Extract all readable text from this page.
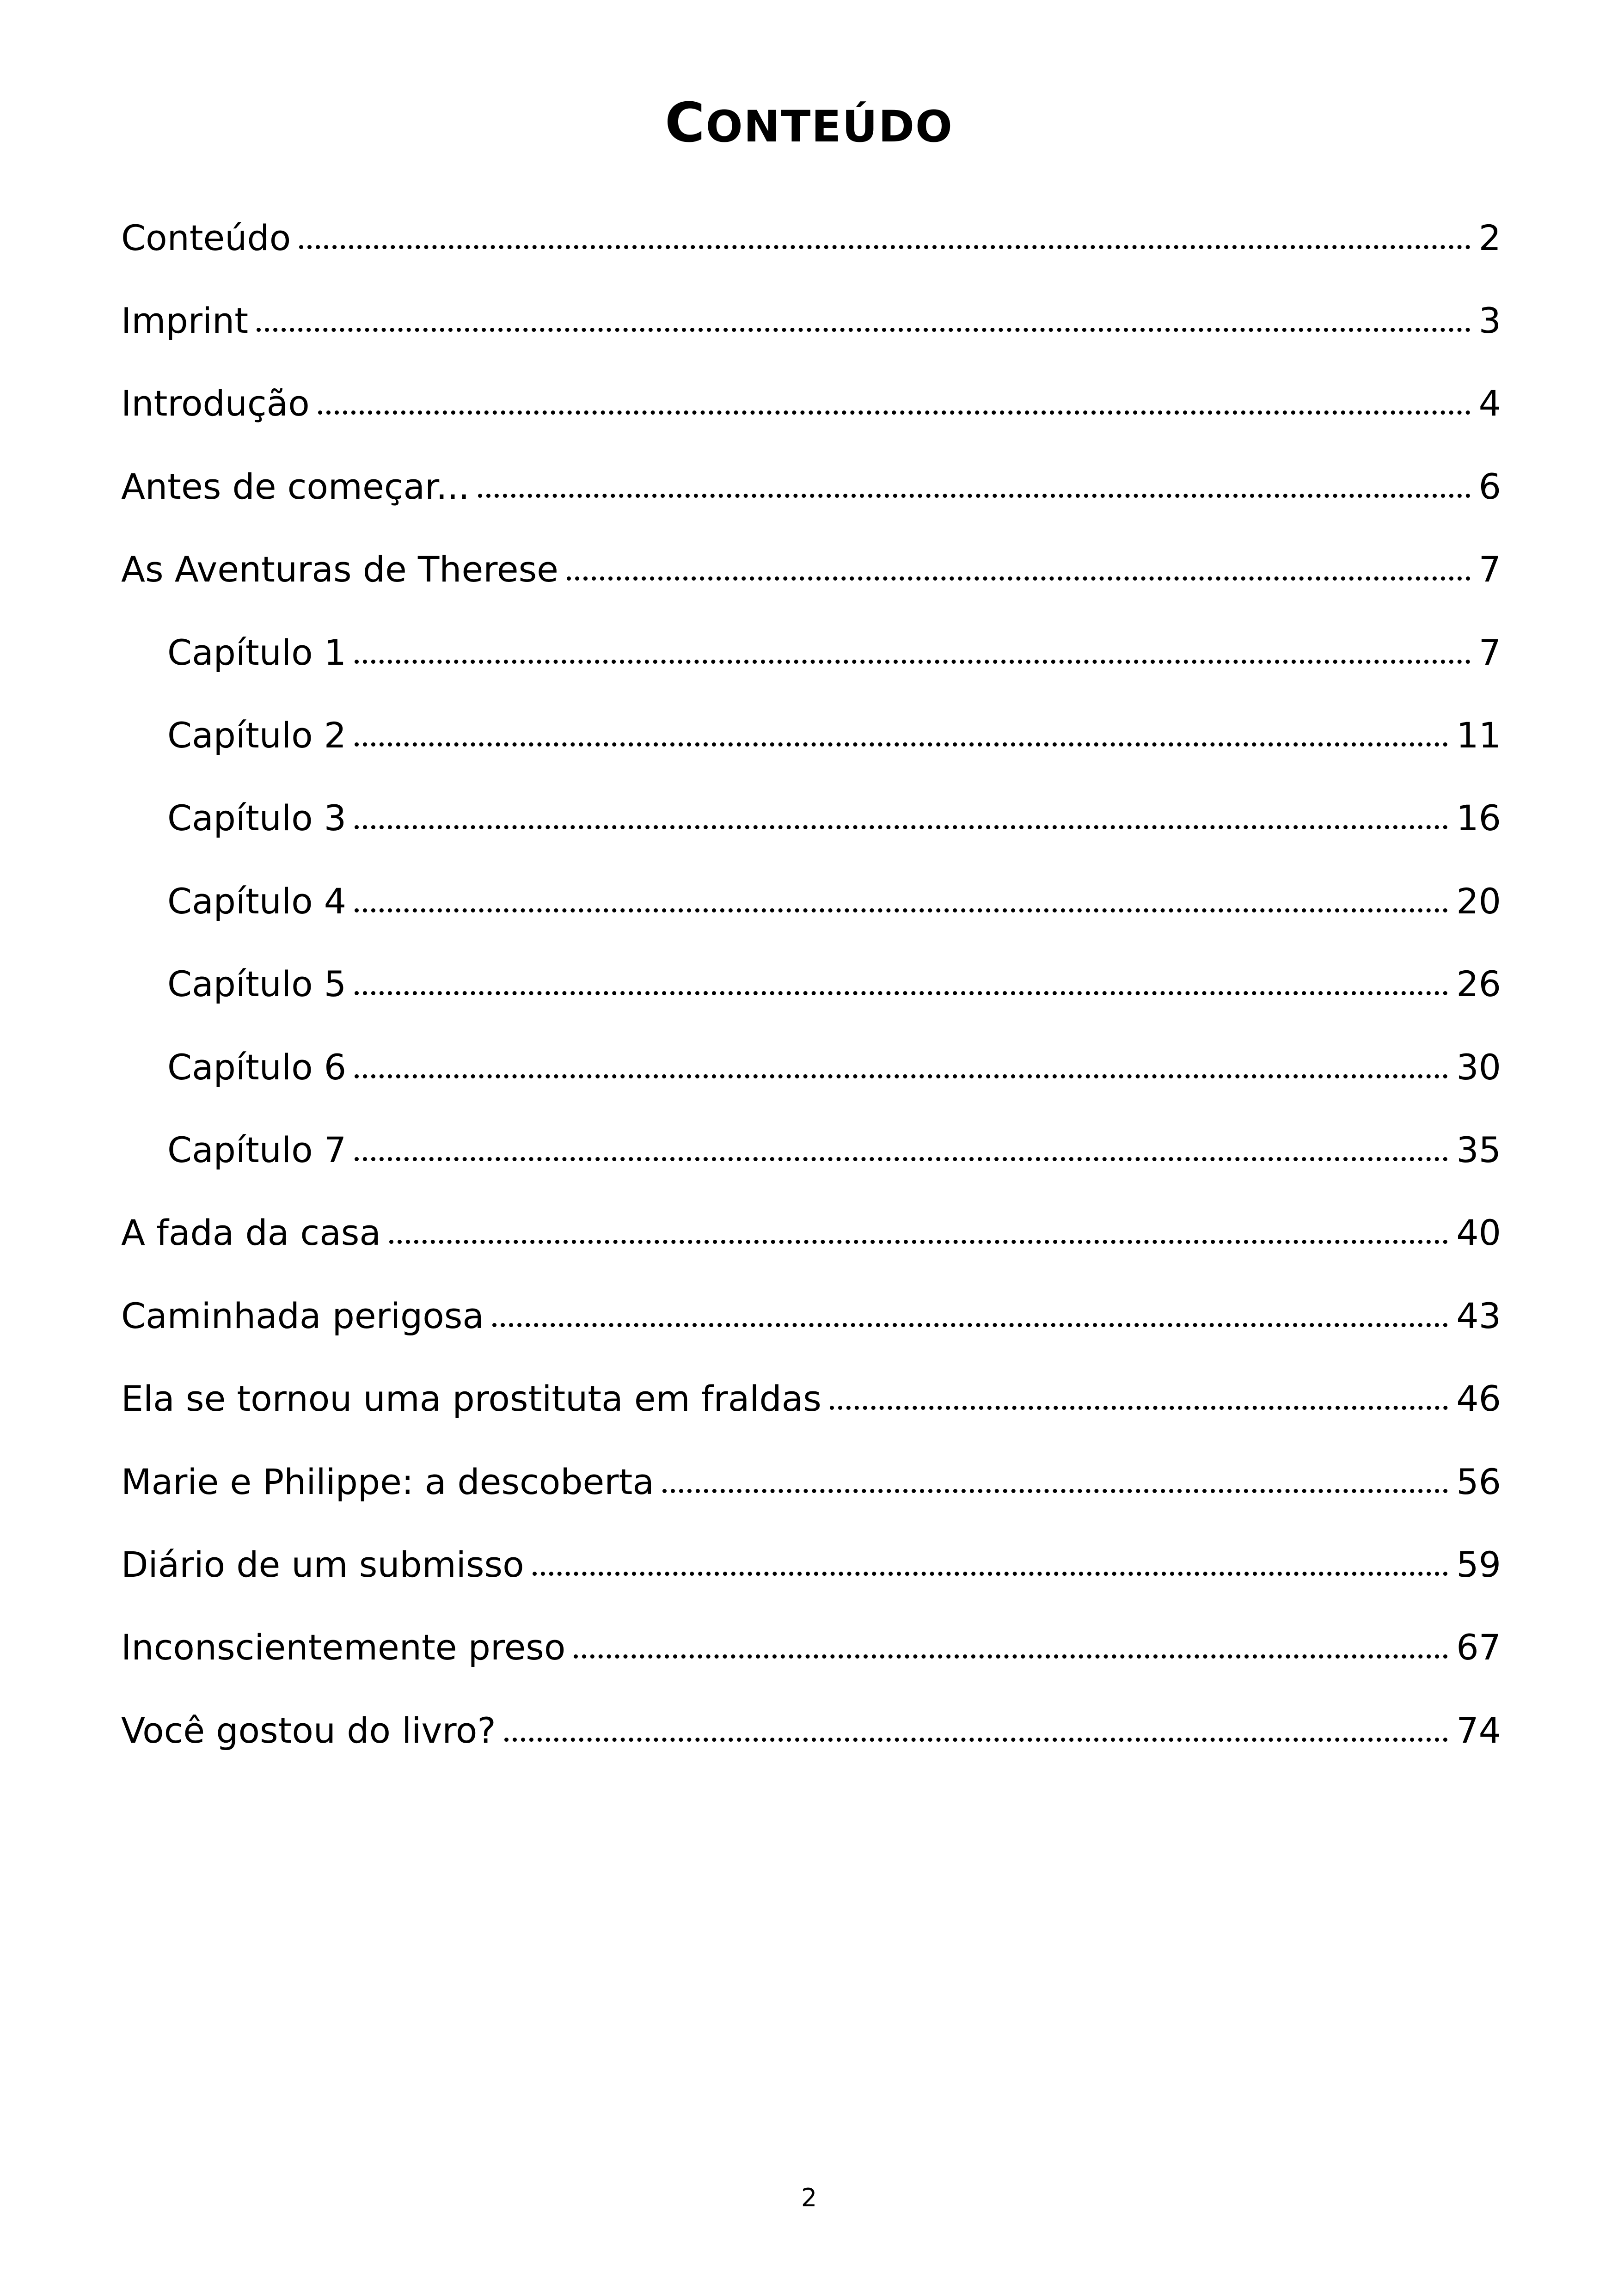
CONTEÚDO
Conteúdo	2
Imprint	3
Introdução	4
Antes de começar...	6
As Aventuras de Therese	7
Capítulo 1	7
Capítulo 2	11
Capítulo 3	16
Capítulo 4	20
Capítulo 5	26
Capítulo 6	30
Capítulo 7	35
A fada da casa	40
Caminhada perigosa	43
Ela se tornou uma prostituta em fraldas	46
Marie e Philippe: a descoberta	56
Diário de um submisso	59
Inconscientemente preso	67
Você gostou do livro?	74
2
